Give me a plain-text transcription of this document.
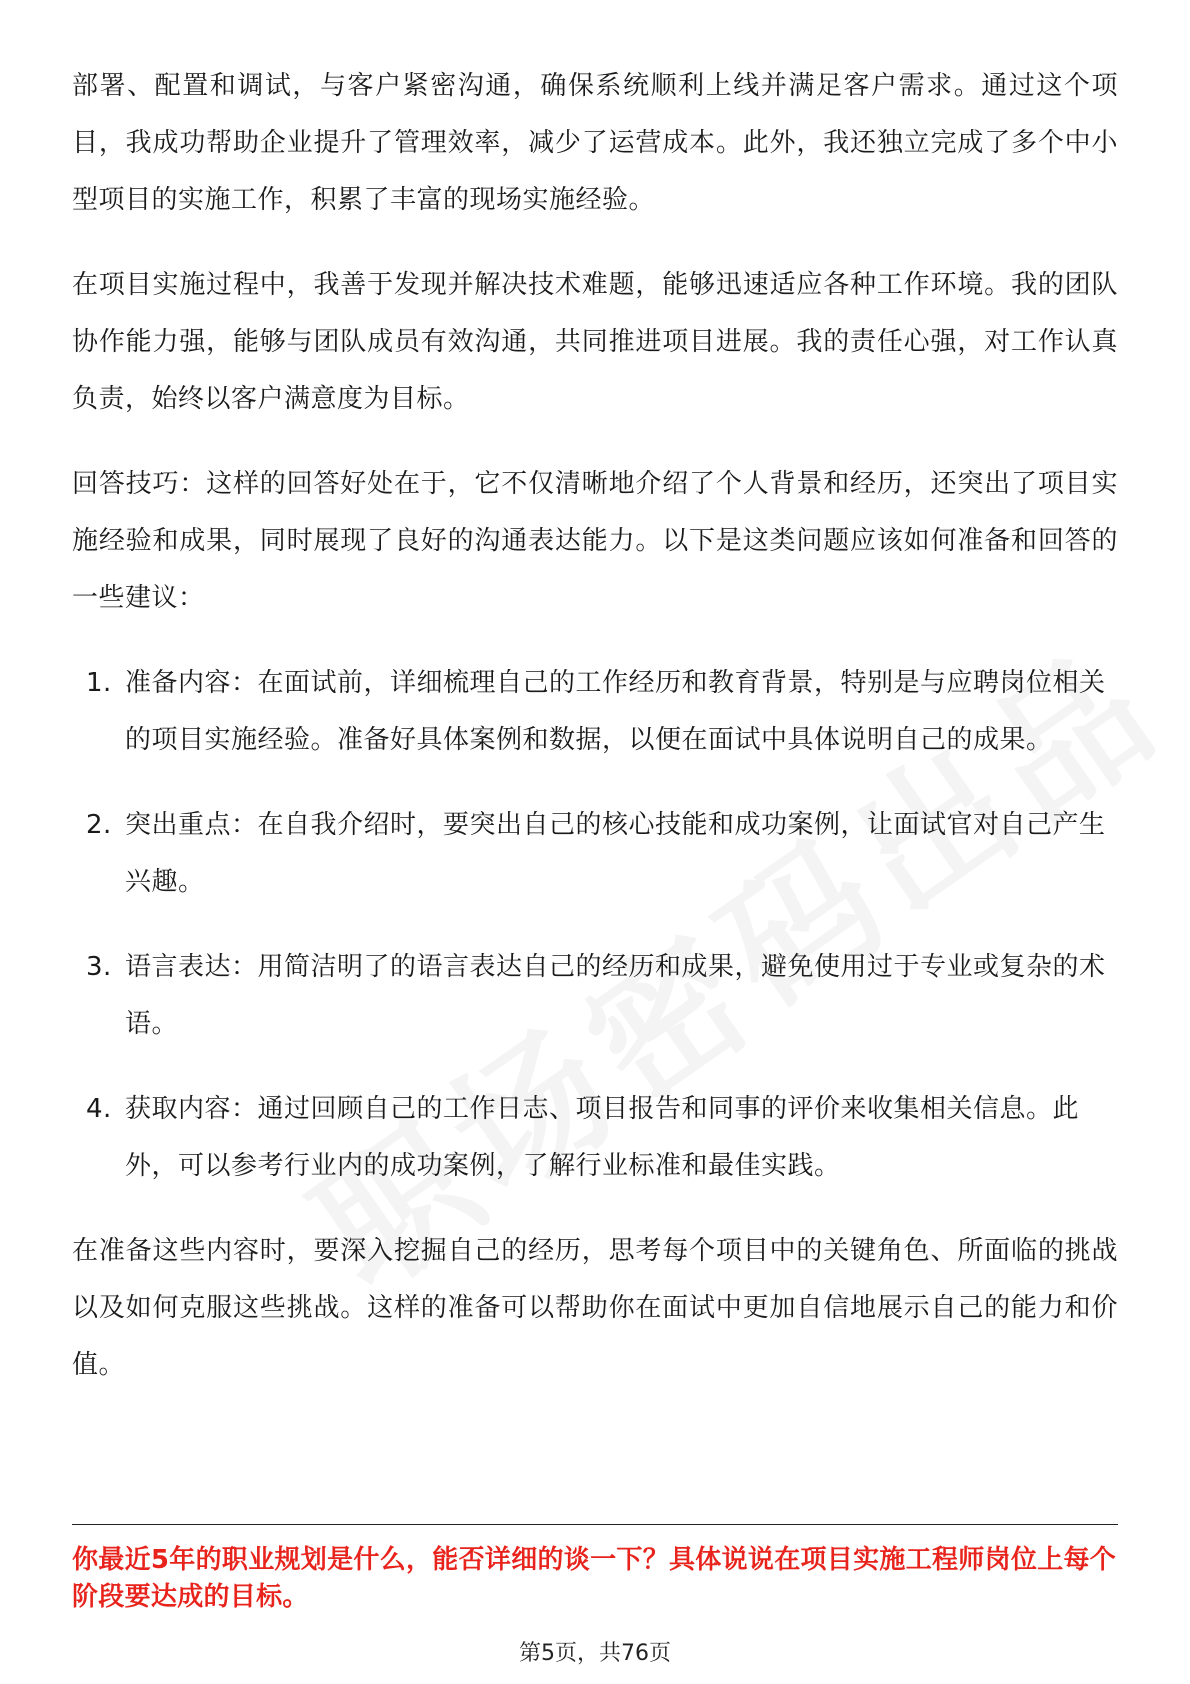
部署、配置和调试，与客户紧密沟通，确保系统顺利上线并满足客户需求。通过这个项目，我成功帮助企业提升了管理效率，减少了运营成本。此外，我还独立完成了多个中小型项目的实施工作，积累了丰富的现场实施经验。

在项目实施过程中，我善于发现并解决技术难题，能够迅速适应各种工作环境。我的团队协作能力强，能够与团队成员有效沟通，共同推进项目进展。我的责任心强，对工作认真负责，始终以客户满意度为目标。

回答技巧：这样的回答好处在于，它不仅清晰地介绍了个人背景和经历，还突出了项目实施经验和成果，同时展现了良好的沟通表达能力。以下是这类问题应该如何准备和回答的一些建议：

1. 准备内容：在面试前，详细梳理自己的工作经历和教育背景，特别是与应聘岗位相关的项目实施经验。准备好具体案例和数据，以便在面试中具体说明自己的成果。
2. 突出重点：在自我介绍时，要突出自己的核心技能和成功案例，让面试官对自己产生兴趣。
3. 语言表达：用简洁明了的语言表达自己的经历和成果，避免使用过于专业或复杂的术语。
4. 获取内容：通过回顾自己的工作日志、项目报告和同事的评价来收集相关信息。此外，可以参考行业内的成功案例，了解行业标准和最佳实践。

在准备这些内容时，要深入挖掘自己的经历，思考每个项目中的关键角色、所面临的挑战以及如何克服这些挑战。这样的准备可以帮助你在面试中更加自信地展示自己的能力和价值。

你最近5年的职业规划是什么，能否详细的谈一下？具体说说在项目实施工程师岗位上每个阶段要达成的目标。
第5页，共76页
